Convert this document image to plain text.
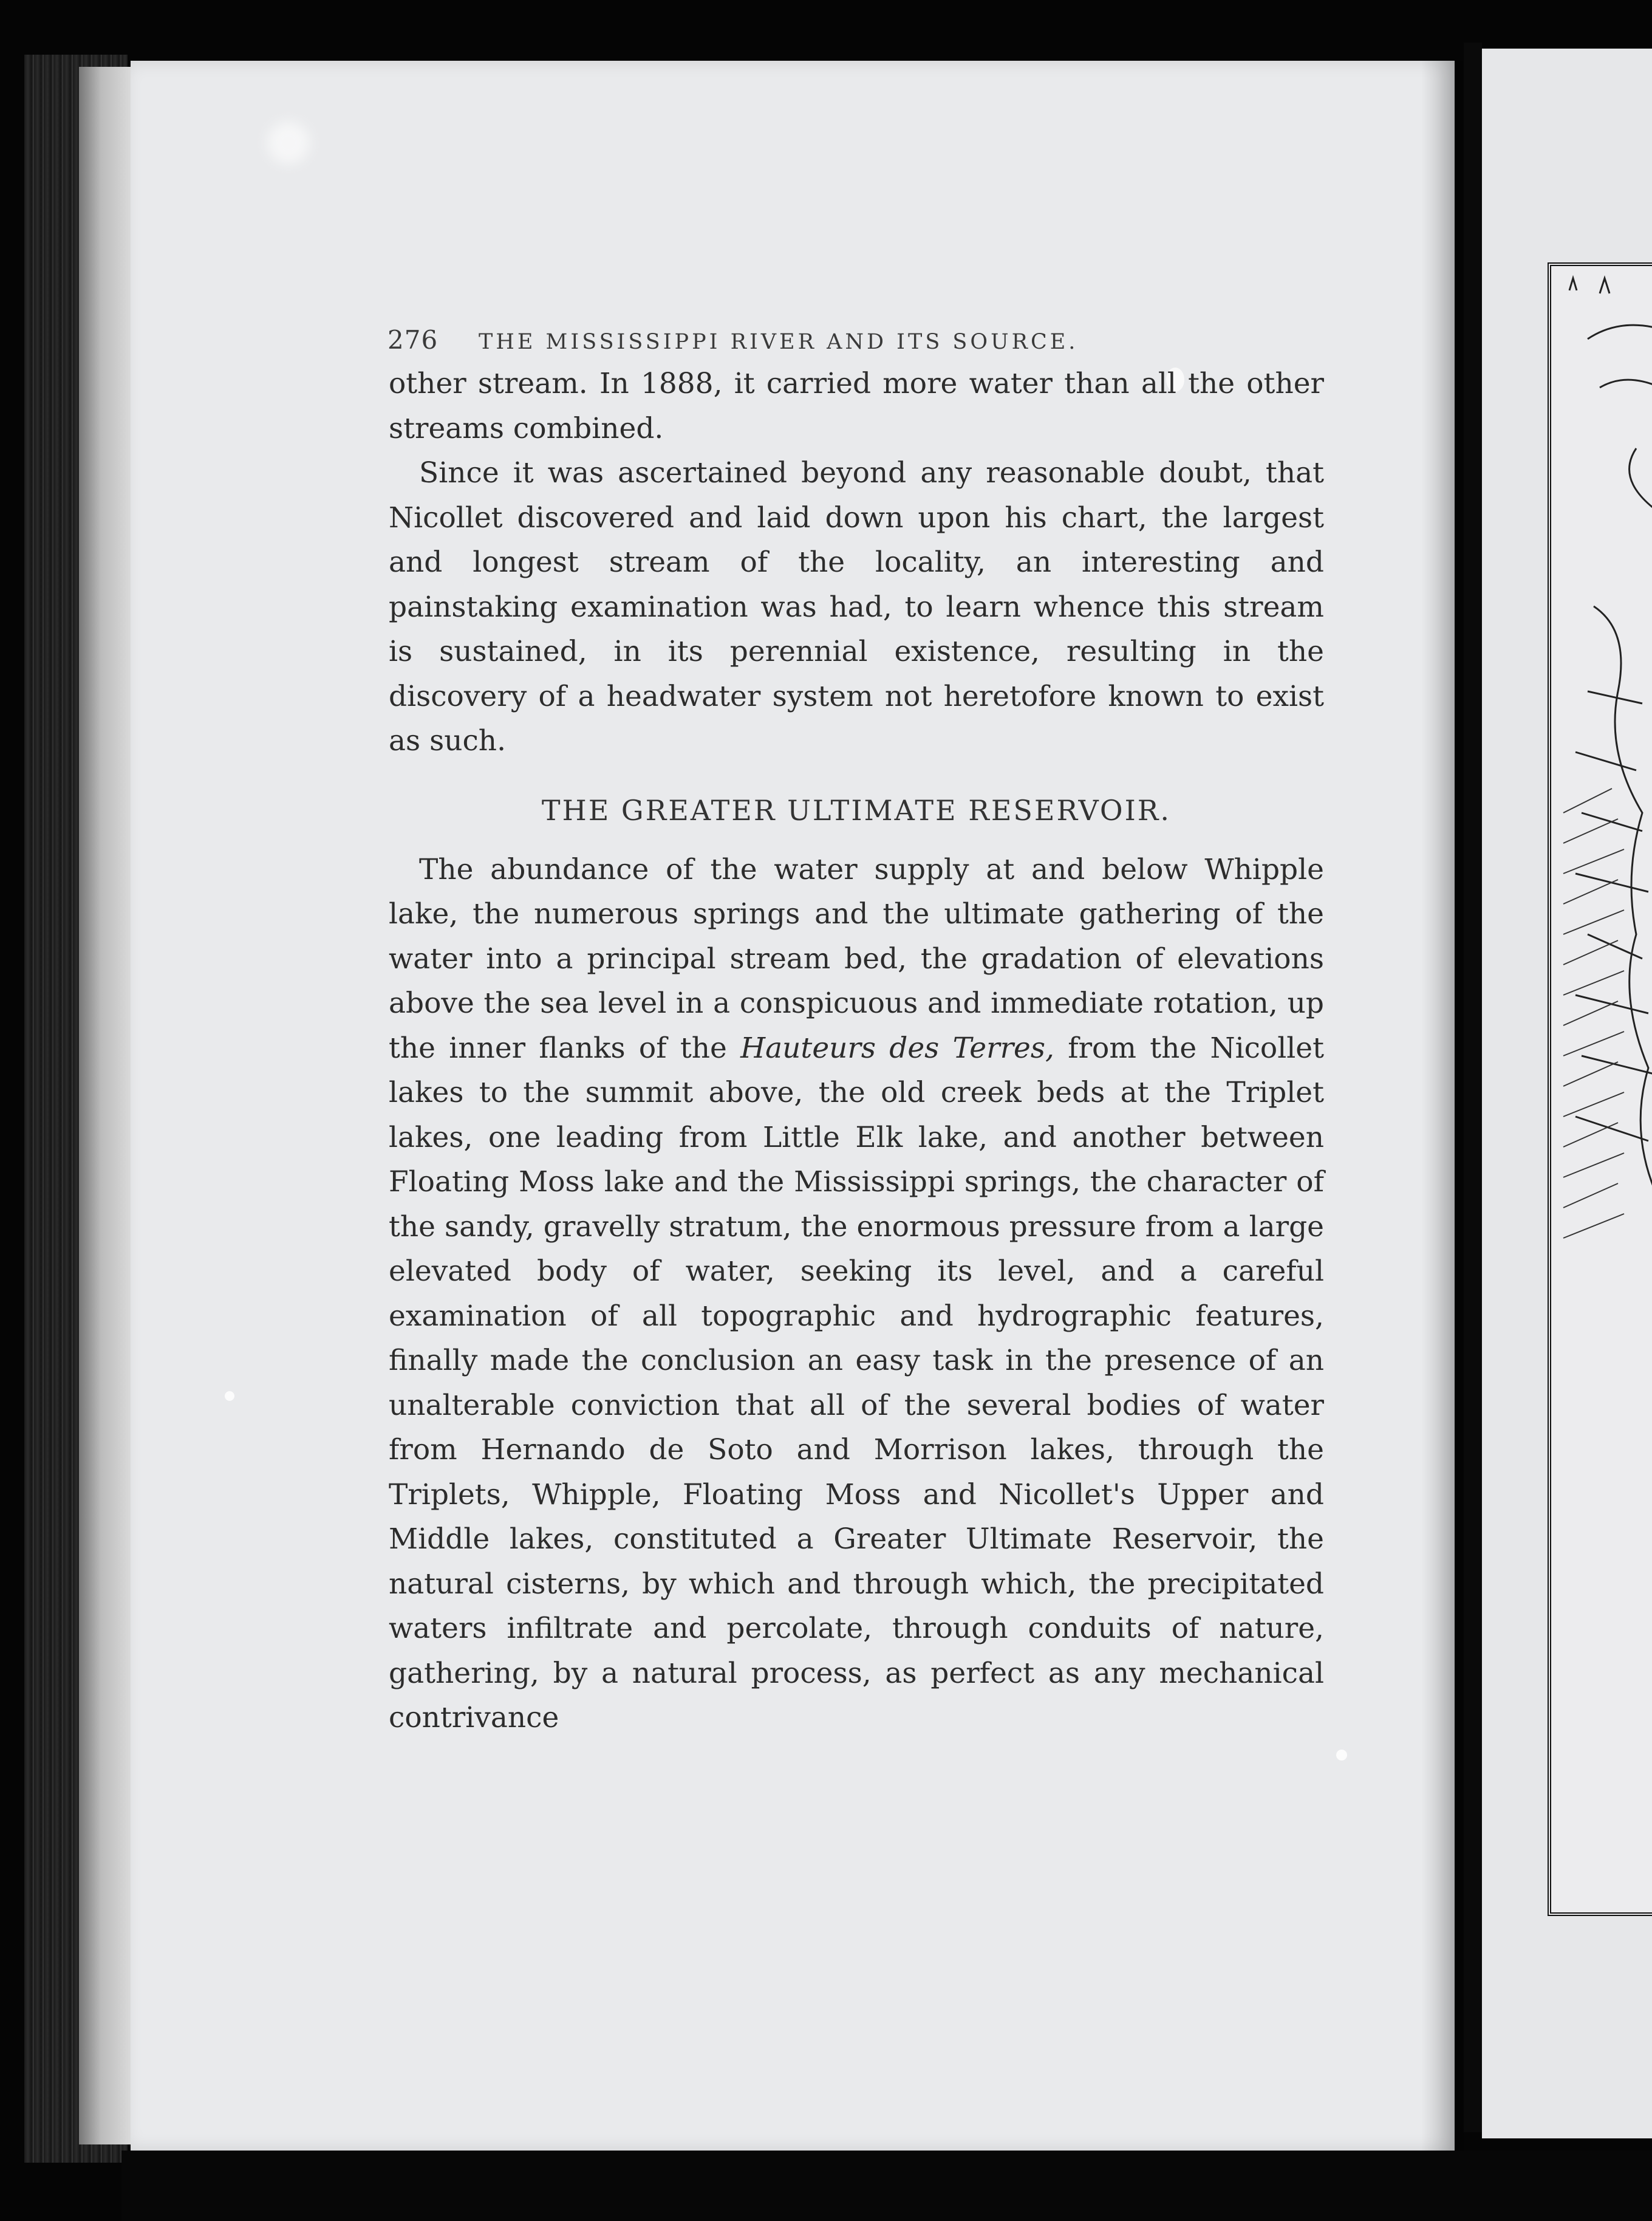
276 THE MISSISSIPPI RIVER AND ITS SOURCE.

other stream. In 1888, it carried more water than all the other streams combined.

Since it was ascertained beyond any reasonable doubt, that Nicollet discovered and laid down upon his chart, the largest and longest stream of the locality, an interesting and painstaking examination was had, to learn whence this stream is sustained, in its perennial existence, resulting in the discovery of a headwater system not heretofore known to exist as such.

THE GREATER ULTIMATE RESERVOIR.

The abundance of the water supply at and below Whipple lake, the numerous springs and the ultimate gathering of the water into a principal stream bed, the gradation of elevations above the sea level in a conspicuous and immediate rotation, up the inner flanks of the Hauteurs des Terres, from the Nicollet lakes to the summit above, the old creek beds at the Triplet lakes, one leading from Little Elk lake, and another between Floating Moss lake and the Mississippi springs, the character of the sandy, gravelly stratum, the enormous pressure from a large elevated body of water, seeking its level, and a careful examination of all topographic and hydrographic features, finally made the conclusion an easy task in the presence of an unalterable conviction that all of the several bodies of water from Hernando de Soto and Morrison lakes, through the Triplets, Whipple, Floating Moss and Nicollet's Upper and Middle lakes, constituted a Greater Ultimate Reservoir, the natural cisterns, by which and through which, the precipitated waters infiltrate and percolate, through conduits of nature, gathering, by a natural process, as perfect as any mechanical contrivance
